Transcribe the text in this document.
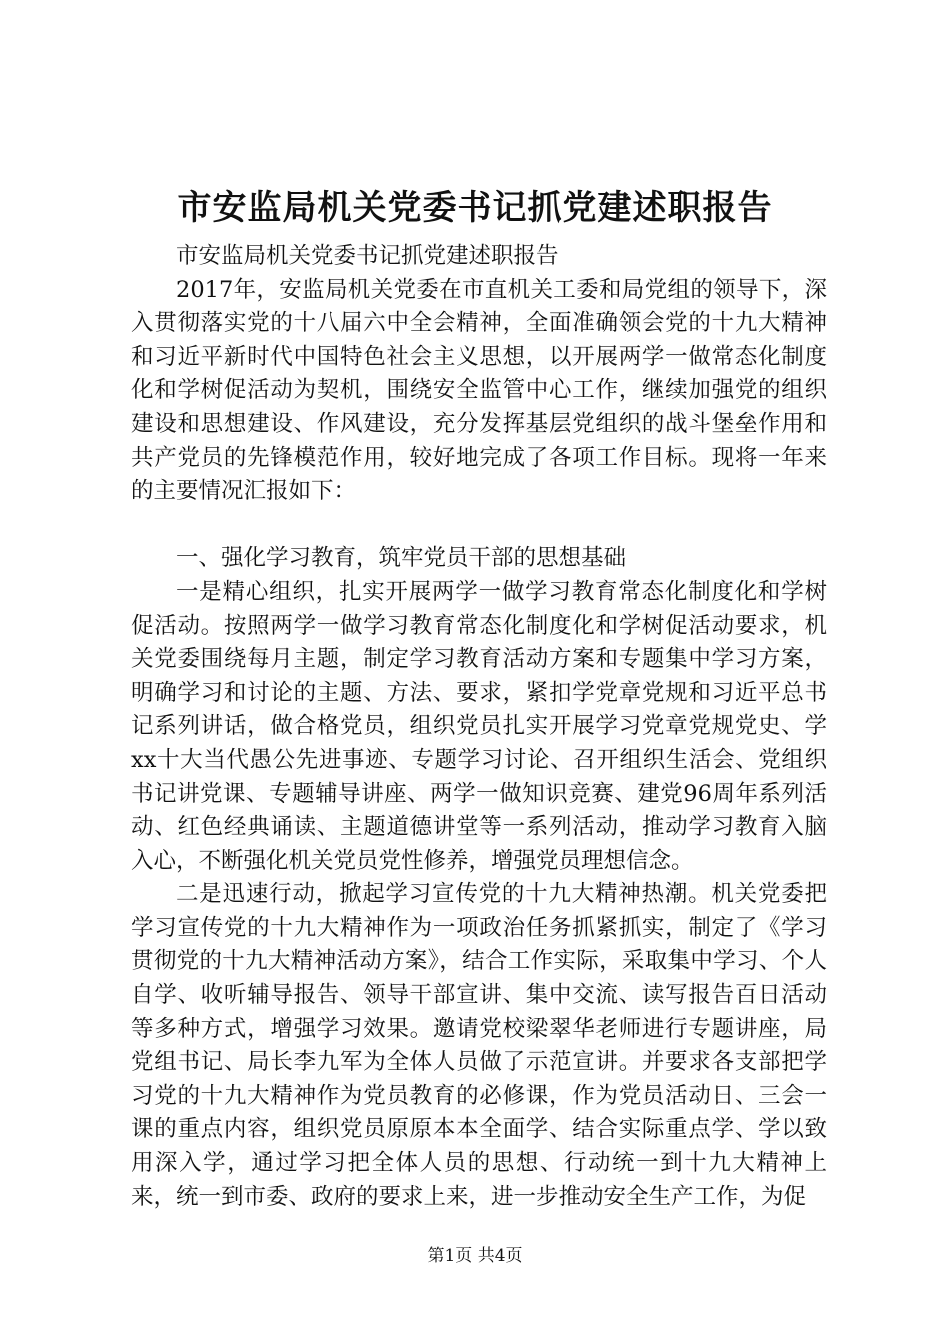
市安监局机关党委书记抓党建述职报告

市安监局机关党委书记抓党建述职报告

2017年，安监局机关党委在市直机关工委和局党组的领导下，深入贯彻落实党的十八届六中全会精神，全面准确领会党的十九大精神和习近平新时代中国特色社会主义思想，以开展两学一做常态化制度化和学树促活动为契机，围绕安全监管中心工作，继续加强党的组织建设和思想建设、作风建设，充分发挥基层党组织的战斗堡垒作用和共产党员的先锋模范作用，较好地完成了各项工作目标。现将一年来的主要情况汇报如下：

一、强化学习教育，筑牢党员干部的思想基础

一是精心组织，扎实开展两学一做学习教育常态化制度化和学树促活动。按照两学一做学习教育常态化制度化和学树促活动要求，机关党委围绕每月主题，制定学习教育活动方案和专题集中学习方案，明确学习和讨论的主题、方法、要求，紧扣学党章党规和习近平总书记系列讲话，做合格党员，组织党员扎实开展学习党章党规党史、学xx十大当代愚公先进事迹、专题学习讨论、召开组织生活会、党组织书记讲党课、专题辅导讲座、两学一做知识竞赛、建党96周年系列活动、红色经典诵读、主题道德讲堂等一系列活动，推动学习教育入脑入心，不断强化机关党员党性修养，增强党员理想信念。

二是迅速行动，掀起学习宣传党的十九大精神热潮。机关党委把学习宣传党的十九大精神作为一项政治任务抓紧抓实，制定了《学习贯彻党的十九大精神活动方案》，结合工作实际，采取集中学习、个人自学、收听辅导报告、领导干部宣讲、集中交流、读写报告百日活动等多种方式，增强学习效果。邀请党校梁翠华老师进行专题讲座，局党组书记、局长李九军为全体人员做了示范宣讲。并要求各支部把学习党的十九大精神作为党员教育的必修课，作为党员活动日、三会一课的重点内容，组织党员原原本本全面学、结合实际重点学、学以致用深入学，通过学习把全体人员的思想、行动统一到十九大精神上来，统一到市委、政府的要求上来，进一步推动安全生产工作，为促

第1页 共4页
